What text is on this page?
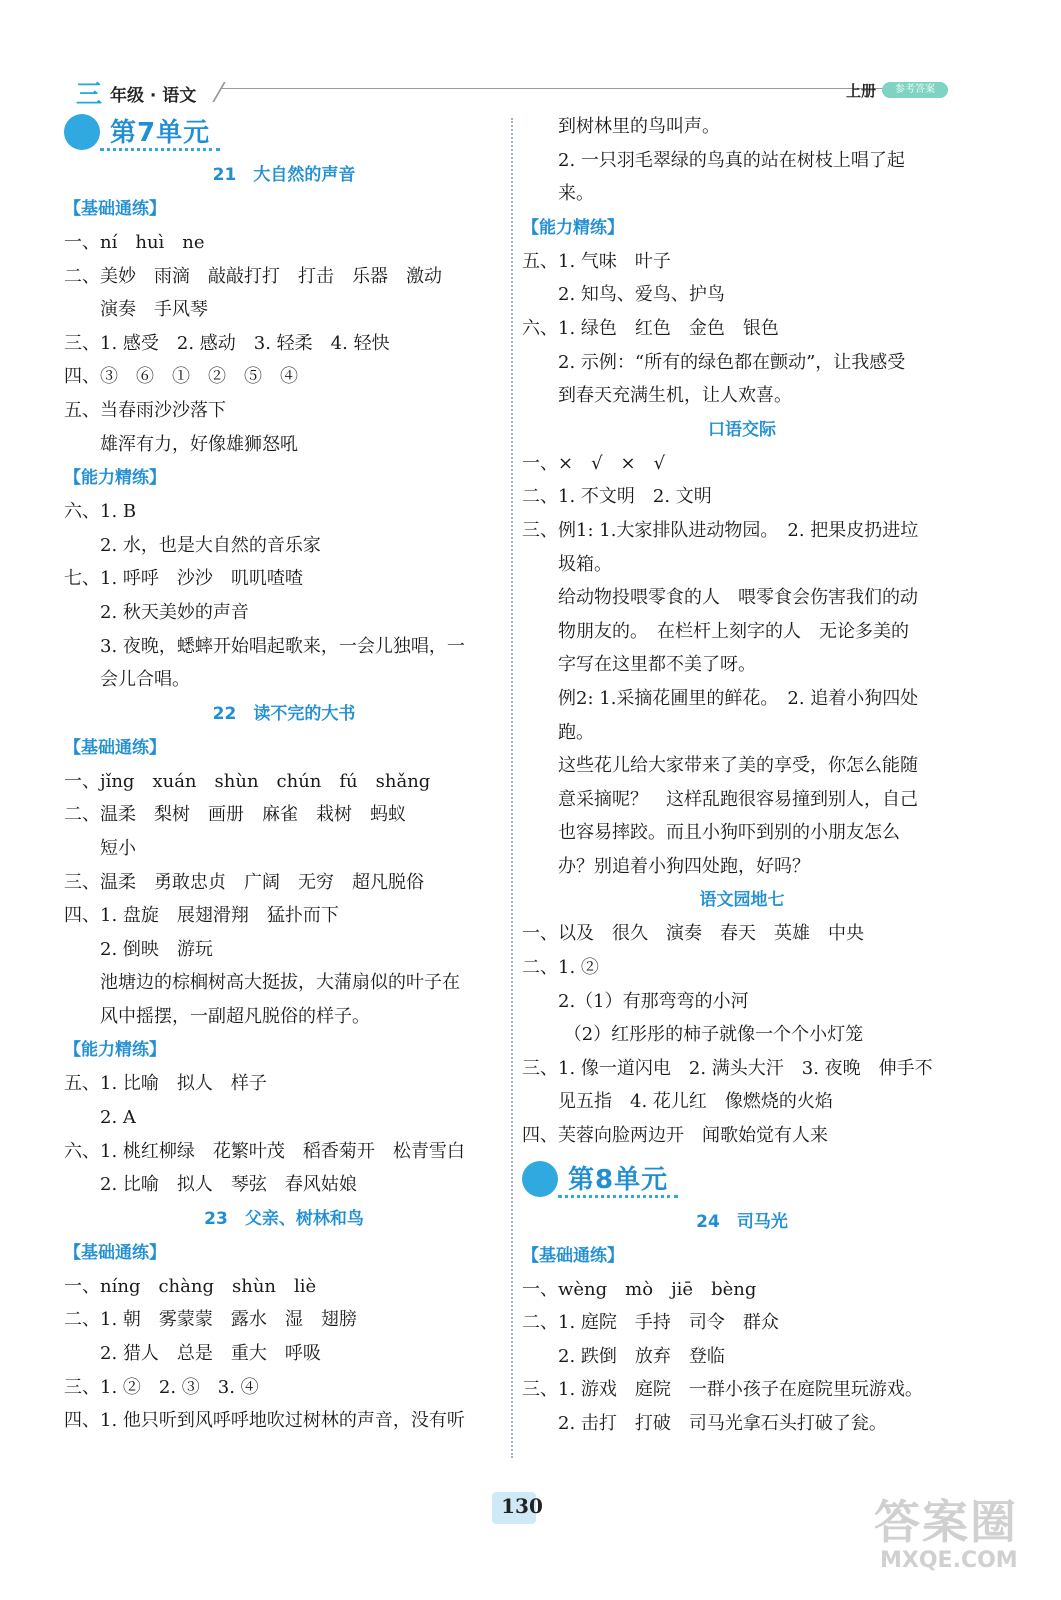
三 年级 · 语文	上册	参考答案
第7单元
21　大自然的声音
【基础通练】
一、ní　huì　ne
二、美妙　雨滴　敲敲打打　打击　乐器　激动
　　演奏　手风琴
三、1. 感受　2. 感动　3. 轻柔　4. 轻快
四、③　⑥　①　②　⑤　④
五、当春雨沙沙落下
　　雄浑有力，好像雄狮怒吼
【能力精练】
六、1. B
　　2. 水，也是大自然的音乐家
七、1. 呼呼　沙沙　叽叽喳喳
　　2. 秋天美妙的声音
　　3. 夜晚，蟋蟀开始唱起歌来，一会儿独唱，一
　　会儿合唱。
22　读不完的大书
【基础通练】
一、jǐng　xuán　shùn　chún　fú　shǎng
二、温柔　梨树　画册　麻雀　栽树　蚂蚁
　　短小
三、温柔　勇敢忠贞　广阔　无穷　超凡脱俗
四、1. 盘旋　展翅滑翔　猛扑而下
　　2. 倒映　游玩
　　池塘边的棕榈树高大挺拔，大蒲扇似的叶子在
　　风中摇摆，一副超凡脱俗的样子。
【能力精练】
五、1. 比喻　拟人　样子
　　2. A
六、1. 桃红柳绿　花繁叶茂　稻香菊开　松青雪白
　　2. 比喻　拟人　琴弦　春风姑娘
23　父亲、树林和鸟
【基础通练】
一、níng　chàng　shùn　liè
二、1. 朝　雾蒙蒙　露水　湿　翅膀
　　2. 猎人　总是　重大　呼吸
三、1. ②　2. ③　3. ④
四、1. 他只听到风呼呼地吹过树林的声音，没有听
　　到树林里的鸟叫声。
　　2. 一只羽毛翠绿的鸟真的站在树枝上唱了起
　　来。
【能力精练】
五、1. 气味　叶子
　　2. 知鸟、爱鸟、护鸟
六、1. 绿色　红色　金色　银色
　　2. 示例：“所有的绿色都在颤动”，让我感受
　　到春天充满生机，让人欢喜。
口语交际
一、×　√　×　√
二、1. 不文明　2. 文明
三、例1: 1.大家排队进动物园。　2. 把果皮扔进垃
　　圾箱。
　　给动物投喂零食的人　喂零食会伤害我们的动
　　物朋友的。　在栏杆上刻字的人　无论多美的
　　字写在这里都不美了呀。
　　例2: 1.采摘花圃里的鲜花。　2. 追着小狗四处
　　跑。
　　这些花儿给大家带来了美的享受，你怎么能随
　　意采摘呢？　这样乱跑很容易撞到别人，自己
　　也容易摔跤。而且小狗吓到别的小朋友怎么
　　办？别追着小狗四处跑，好吗？
语文园地七
一、以及　很久　演奏　春天　英雄　中央
二、1. ②
　　2.（1）有那弯弯的小河
　　 （2）红彤彤的柿子就像一个个小灯笼
三、1. 像一道闪电　2. 满头大汗　3. 夜晚　伸手不
　　见五指　4. 花儿红　像燃烧的火焰
四、芙蓉向脸两边开　闻歌始觉有人来
第8单元
24　司马光
【基础通练】
一、wèng　mò　jiē　bèng
二、1. 庭院　手持　司令　群众
　　2. 跌倒　放弃　登临
三、1. 游戏　庭院　一群小孩子在庭院里玩游戏。
　　2. 击打　打破　司马光拿石头打破了瓮。
130	答案圈
MXQE.COM
